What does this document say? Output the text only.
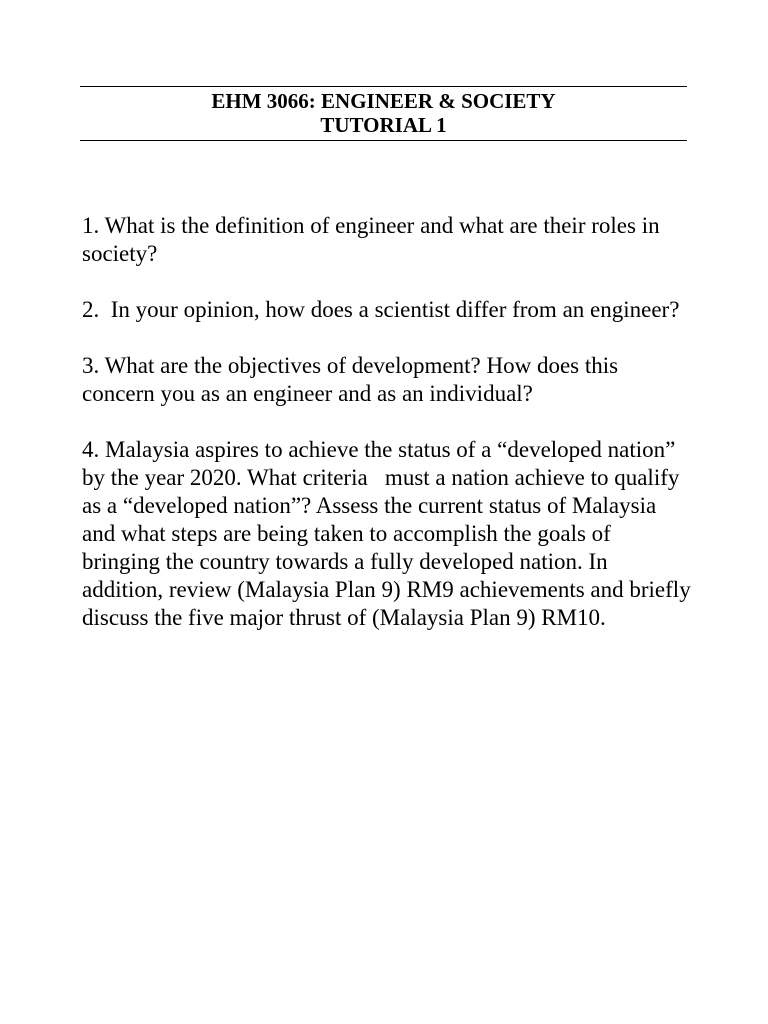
EHM 3066: ENGINEER & SOCIETY
TUTORIAL 1

1. What is the definition of engineer and what are their roles in society?

2.  In your opinion, how does a scientist differ from an engineer?

3. What are the objectives of development? How does this concern you as an engineer and as an individual?

4. Malaysia aspires to achieve the status of a “developed nation” by the year 2020. What criteria   must a nation achieve to qualify as a “developed nation”? Assess the current status of Malaysia and what steps are being taken to accomplish the goals of bringing the country towards a fully developed nation. In addition, review (Malaysia Plan 9) RM9 achievements and briefly discuss the five major thrust of (Malaysia Plan 9) RM10.
